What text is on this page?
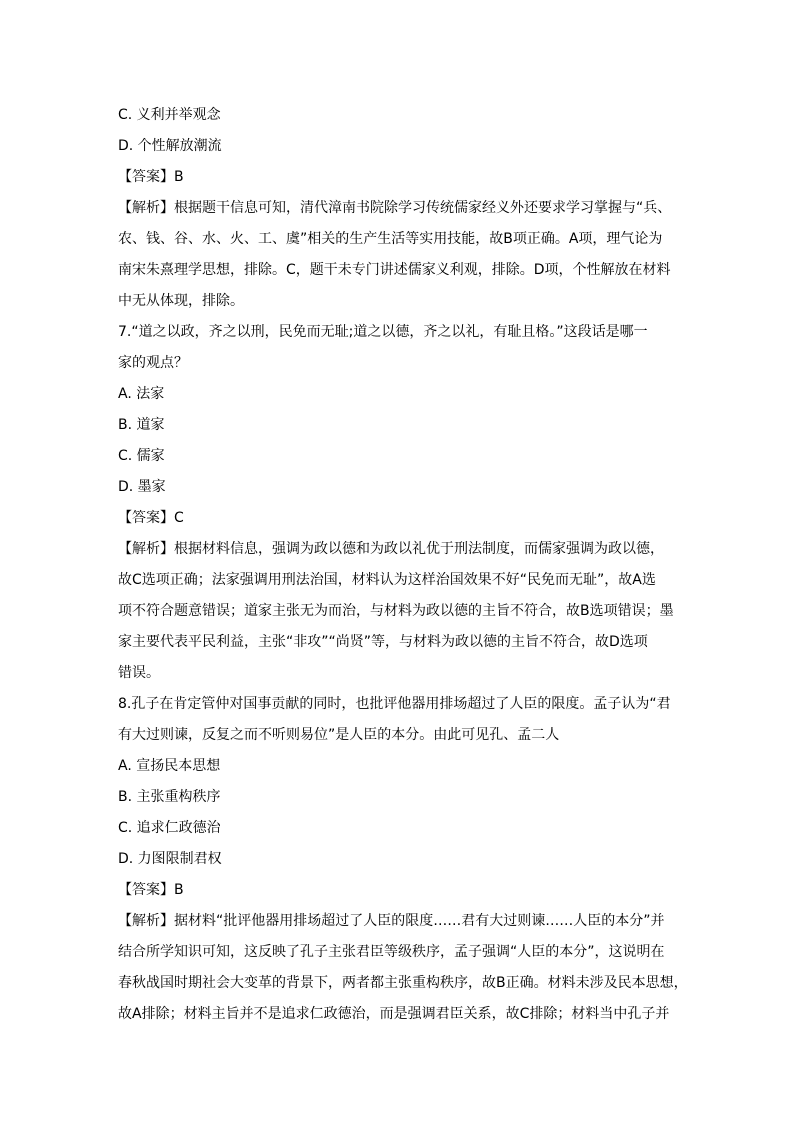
C. 义利并举观念
D. 个性解放潮流
【答案】B
【解析】根据题干信息可知，清代漳南书院除学习传统儒家经义外还要求学习掌握与“兵、
农、钱、谷、水、火、工、虞”相关的生产生活等实用技能，故B项正确。A项，理气论为
南宋朱熹理学思想，排除。C，题干未专门讲述儒家义利观，排除。D项，个性解放在材料
中无从体现，排除。
7.“道之以政，齐之以刑，民免而无耻;道之以德，齐之以礼，有耻且格。”这段话是哪一
家的观点？
A. 法家
B. 道家
C. 儒家
D. 墨家
【答案】C
【解析】根据材料信息，强调为政以德和为政以礼优于刑法制度，而儒家强调为政以德，
故C选项正确；法家强调用刑法治国，材料认为这样治国效果不好“民免而无耻”，故A选
项不符合题意错误；道家主张无为而治，与材料为政以德的主旨不符合，故B选项错误；墨
家主要代表平民利益，主张“非攻”“尚贤”等，与材料为政以德的主旨不符合，故D选项
错误。
8.孔子在肯定管仲对国事贡献的同时，也批评他器用排场超过了人臣的限度。孟子认为“君
有大过则谏，反复之而不听则易位”是人臣的本分。由此可见孔、孟二人
A. 宣扬民本思想
B. 主张重构秩序
C. 追求仁政德治
D. 力图限制君权
【答案】B
【解析】据材料“批评他器用排场超过了人臣的限度……君有大过则谏……人臣的本分”并
结合所学知识可知，这反映了孔子主张君臣等级秩序，孟子强调“人臣的本分”，这说明在
春秋战国时期社会大变革的背景下，两者都主张重构秩序，故B正确。材料未涉及民本思想，
故A排除；材料主旨并不是追求仁政德治，而是强调君臣关系，故C排除；材料当中孔子并
